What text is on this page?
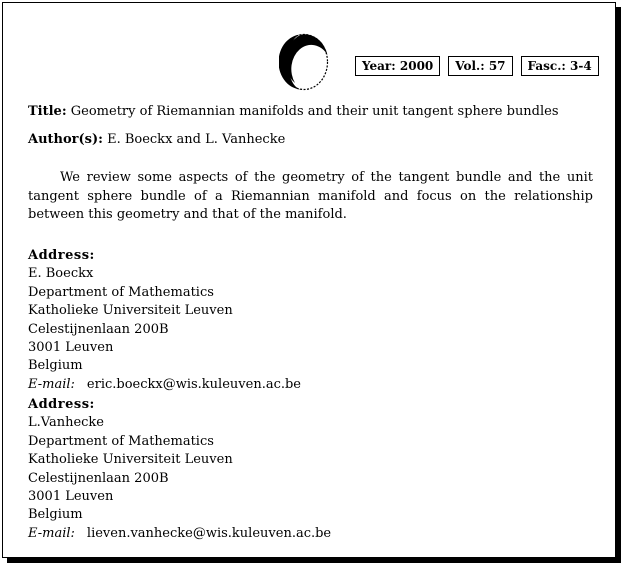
Year: 2000	Vol.: 57	Fasc.: 3-4
Title: Geometry of Riemannian manifolds and their unit tangent sphere bundles
Author(s): E. Boeckx and L. Vanhecke
We review some aspects of the geometry of the tangent bundle and the unit tangent sphere bundle of a Riemannian manifold and focus on the relationship between this geometry and that of the manifold.
Address:
E. Boeckx
Department of Mathematics
Katholieke Universiteit Leuven
Celestijnenlaan 200B
3001 Leuven
Belgium
E-mail: eric.boeckx@wis.kuleuven.ac.be
Address:
L.Vanhecke
Department of Mathematics
Katholieke Universiteit Leuven
Celestijnenlaan 200B
3001 Leuven
Belgium
E-mail: lieven.vanhecke@wis.kuleuven.ac.be
